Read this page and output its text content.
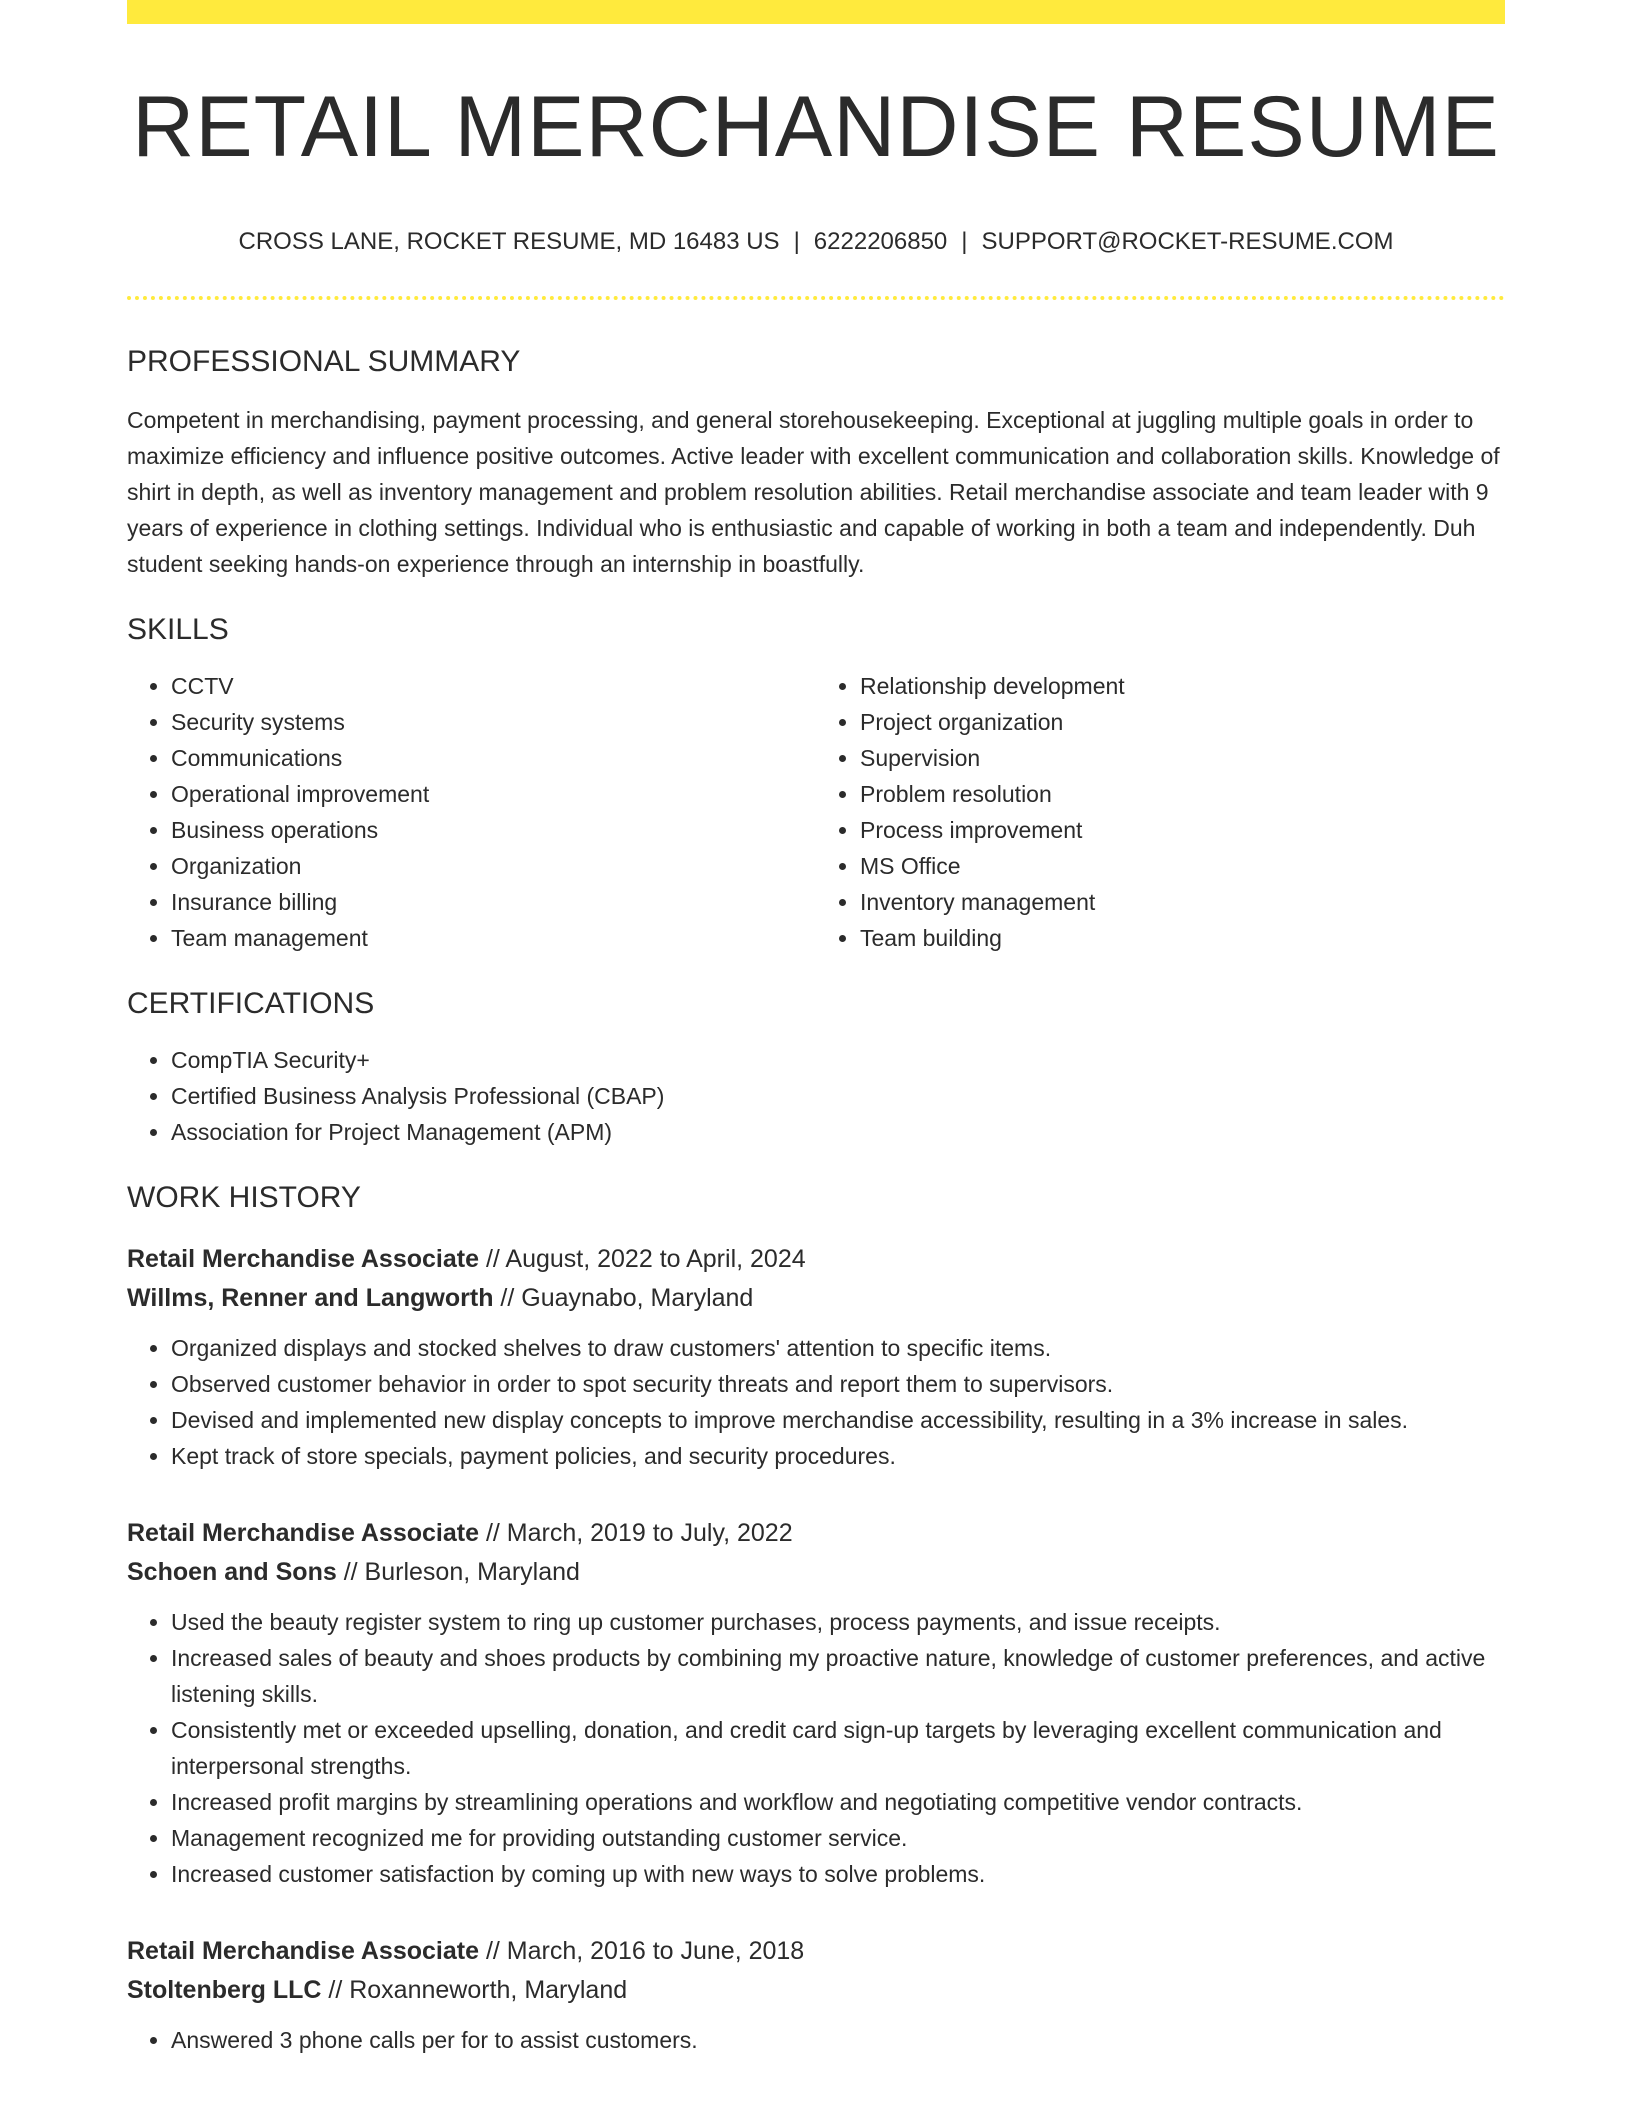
RETAIL MERCHANDISE RESUME
CROSS LANE, ROCKET RESUME, MD 16483 US | 6222206850 | SUPPORT@ROCKET-RESUME.COM
PROFESSIONAL SUMMARY
Competent in merchandising, payment processing, and general storehousekeeping. Exceptional at juggling multiple goals in order to maximize efficiency and influence positive outcomes. Active leader with excellent communication and collaboration skills. Knowledge of shirt in depth, as well as inventory management and problem resolution abilities. Retail merchandise associate and team leader with 9 years of experience in clothing settings. Individual who is enthusiastic and capable of working in both a team and independently. Duh student seeking hands-on experience through an internship in boastfully.
SKILLS
• CCTV
• Security systems
• Communications
• Operational improvement
• Business operations
• Organization
• Insurance billing
• Team management
• Relationship development
• Project organization
• Supervision
• Problem resolution
• Process improvement
• MS Office
• Inventory management
• Team building
CERTIFICATIONS
• CompTIA Security+
• Certified Business Analysis Professional (CBAP)
• Association for Project Management (APM)
WORK HISTORY
Retail Merchandise Associate // August, 2022 to April, 2024
Willms, Renner and Langworth // Guaynabo, Maryland
• Organized displays and stocked shelves to draw customers' attention to specific items.
• Observed customer behavior in order to spot security threats and report them to supervisors.
• Devised and implemented new display concepts to improve merchandise accessibility, resulting in a 3% increase in sales.
• Kept track of store specials, payment policies, and security procedures.
Retail Merchandise Associate // March, 2019 to July, 2022
Schoen and Sons // Burleson, Maryland
• Used the beauty register system to ring up customer purchases, process payments, and issue receipts.
• Increased sales of beauty and shoes products by combining my proactive nature, knowledge of customer preferences, and active listening skills.
• Consistently met or exceeded upselling, donation, and credit card sign-up targets by leveraging excellent communication and interpersonal strengths.
• Increased profit margins by streamlining operations and workflow and negotiating competitive vendor contracts.
• Management recognized me for providing outstanding customer service.
• Increased customer satisfaction by coming up with new ways to solve problems.
Retail Merchandise Associate // March, 2016 to June, 2018
Stoltenberg LLC // Roxanneworth, Maryland
• Answered 3 phone calls per for to assist customers.
